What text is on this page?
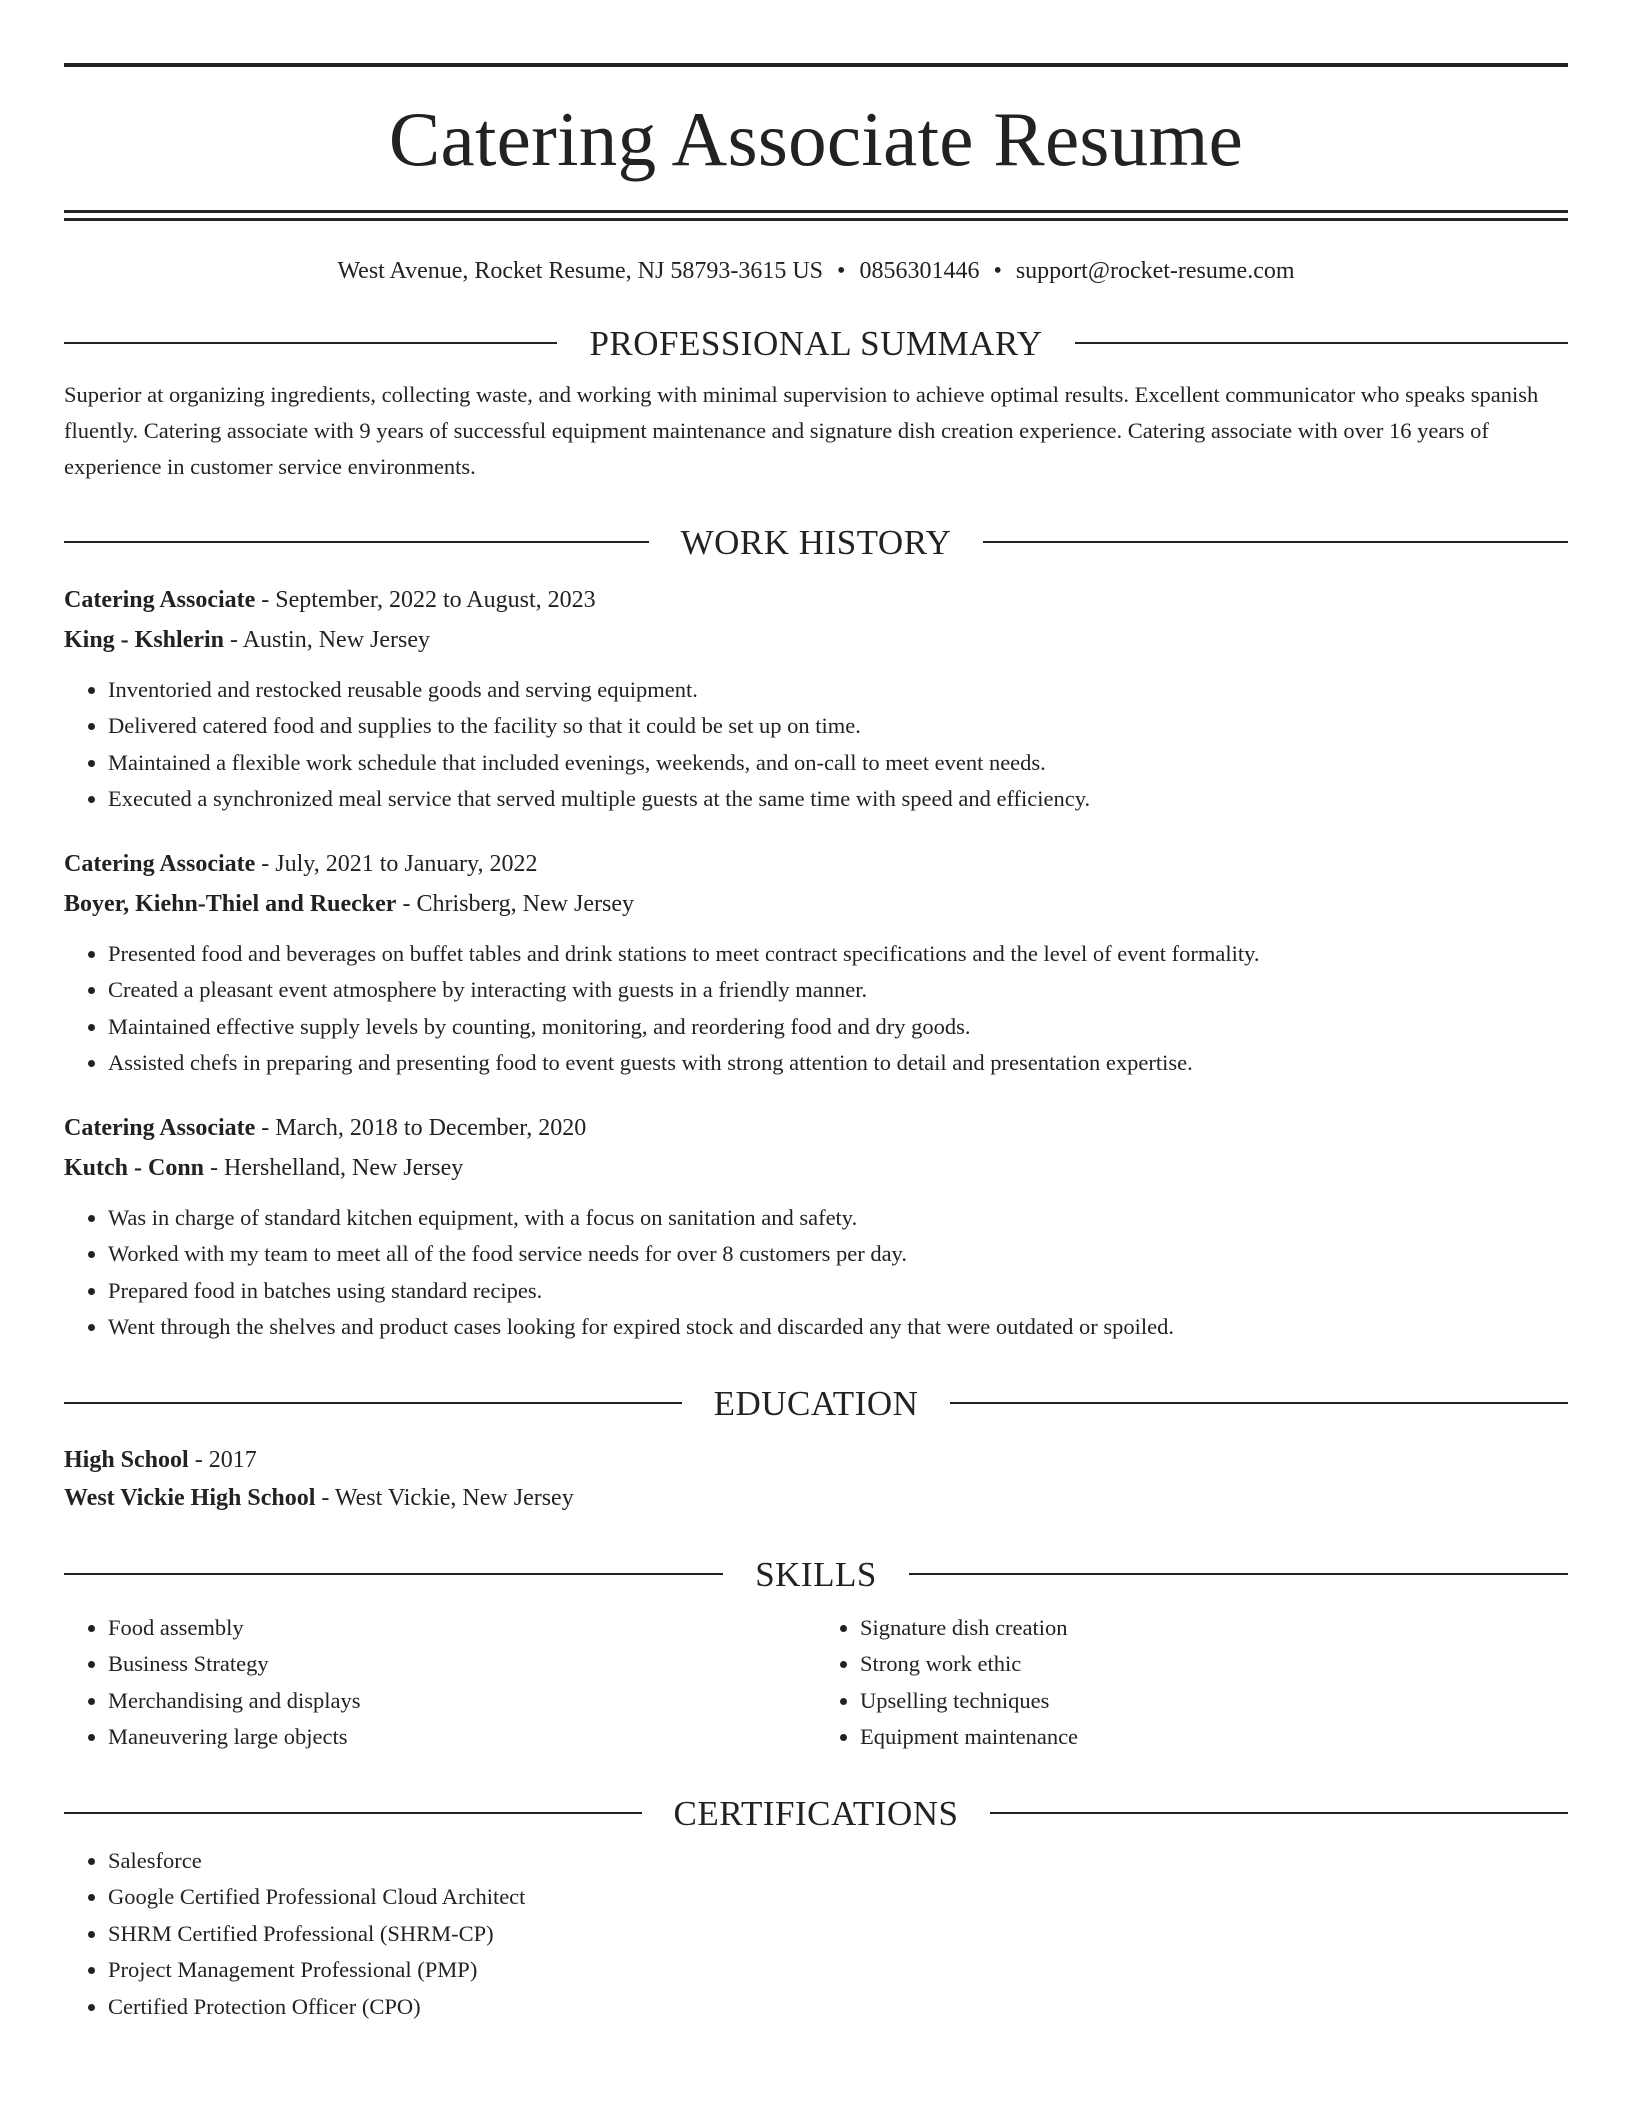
Catering Associate Resume
West Avenue, Rocket Resume, NJ 58793-3615 US • 0856301446 • support@rocket-resume.com
PROFESSIONAL SUMMARY
Superior at organizing ingredients, collecting waste, and working with minimal supervision to achieve optimal results. Excellent communicator who speaks spanish fluently. Catering associate with 9 years of successful equipment maintenance and signature dish creation experience. Catering associate with over 16 years of experience in customer service environments.
WORK HISTORY
Catering Associate - September, 2022 to August, 2023
King - Kshlerin - Austin, New Jersey
• Inventoried and restocked reusable goods and serving equipment.
• Delivered catered food and supplies to the facility so that it could be set up on time.
• Maintained a flexible work schedule that included evenings, weekends, and on-call to meet event needs.
• Executed a synchronized meal service that served multiple guests at the same time with speed and efficiency.
Catering Associate - July, 2021 to January, 2022
Boyer, Kiehn-Thiel and Ruecker - Chrisberg, New Jersey
• Presented food and beverages on buffet tables and drink stations to meet contract specifications and the level of event formality.
• Created a pleasant event atmosphere by interacting with guests in a friendly manner.
• Maintained effective supply levels by counting, monitoring, and reordering food and dry goods.
• Assisted chefs in preparing and presenting food to event guests with strong attention to detail and presentation expertise.
Catering Associate - March, 2018 to December, 2020
Kutch - Conn - Hershelland, New Jersey
• Was in charge of standard kitchen equipment, with a focus on sanitation and safety.
• Worked with my team to meet all of the food service needs for over 8 customers per day.
• Prepared food in batches using standard recipes.
• Went through the shelves and product cases looking for expired stock and discarded any that were outdated or spoiled.
EDUCATION
High School - 2017
West Vickie High School - West Vickie, New Jersey
SKILLS
• Food assembly
• Business Strategy
• Merchandising and displays
• Maneuvering large objects
• Signature dish creation
• Strong work ethic
• Upselling techniques
• Equipment maintenance
CERTIFICATIONS
• Salesforce
• Google Certified Professional Cloud Architect
• SHRM Certified Professional (SHRM-CP)
• Project Management Professional (PMP)
• Certified Protection Officer (CPO)
